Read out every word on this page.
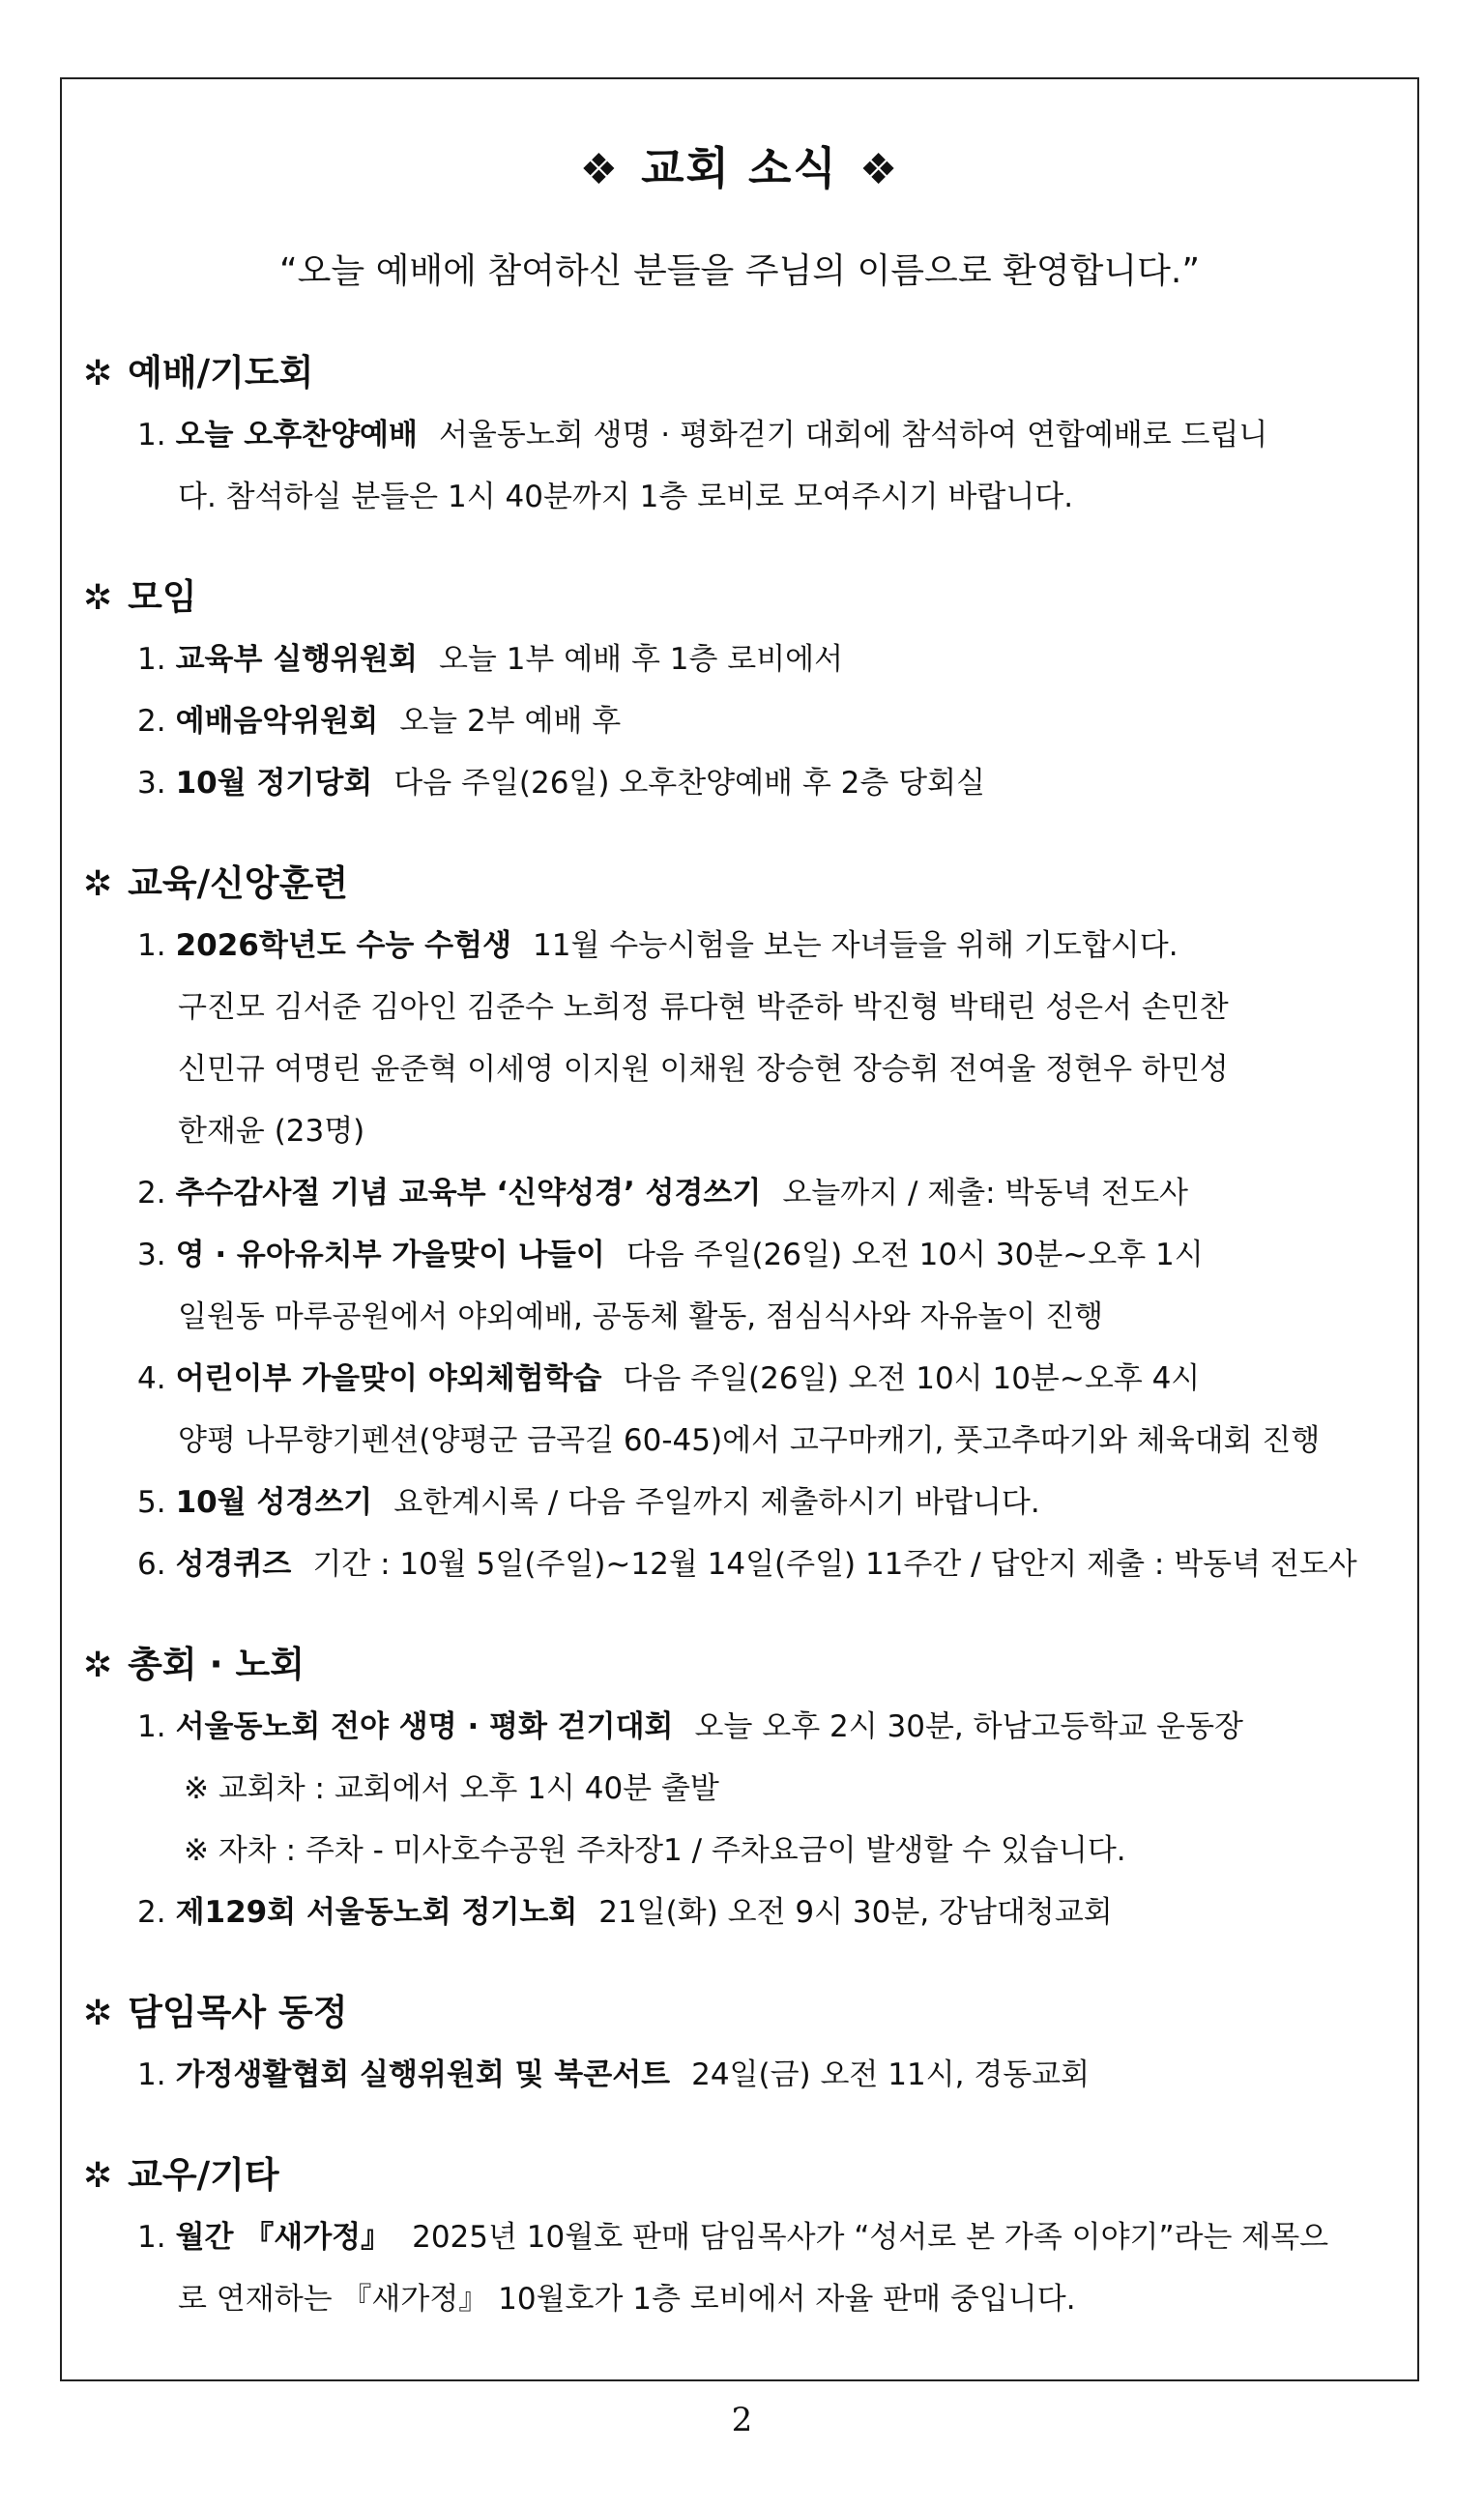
❖ 교회 소식 ❖
“오늘 예배에 참여하신 분들을 주님의 이름으로 환영합니다.”
✲ 예배/기도회
1. 오늘 오후찬양예배 서울동노회 생명 · 평화걷기 대회에 참석하여 연합예배로 드립니
다. 참석하실 분들은 1시 40분까지 1층 로비로 모여주시기 바랍니다.
✲ 모임
1. 교육부 실행위원회 오늘 1부 예배 후 1층 로비에서
2. 예배음악위원회 오늘 2부 예배 후
3. 10월 정기당회 다음 주일(26일) 오후찬양예배 후 2층 당회실
✲ 교육/신앙훈련
1. 2026학년도 수능 수험생 11월 수능시험을 보는 자녀들을 위해 기도합시다.
구진모 김서준 김아인 김준수 노희정 류다현 박준하 박진형 박태린 성은서 손민찬
신민규 여명린 윤준혁 이세영 이지원 이채원 장승현 장승휘 전여울 정현우 하민성
한재윤 (23명)
2. 추수감사절 기념 교육부 ‘신약성경’ 성경쓰기 오늘까지 / 제출: 박동녁 전도사
3. 영 · 유아유치부 가을맞이 나들이 다음 주일(26일) 오전 10시 30분~오후 1시
일원동 마루공원에서 야외예배, 공동체 활동, 점심식사와 자유놀이 진행
4. 어린이부 가을맞이 야외체험학습 다음 주일(26일) 오전 10시 10분~오후 4시
양평 나무향기펜션(양평군 금곡길 60-45)에서 고구마캐기, 풋고추따기와 체육대회 진행
5. 10월 성경쓰기 요한계시록 / 다음 주일까지 제출하시기 바랍니다.
6. 성경퀴즈 기간 : 10월 5일(주일)~12월 14일(주일) 11주간 / 답안지 제출 : 박동녁 전도사
✲ 총회 · 노회
1. 서울동노회 전야 생명 · 평화 걷기대회 오늘 오후 2시 30분, 하남고등학교 운동장
※ 교회차 : 교회에서 오후 1시 40분 출발
※ 자차 : 주차 - 미사호수공원 주차장1 / 주차요금이 발생할 수 있습니다.
2. 제129회 서울동노회 정기노회 21일(화) 오전 9시 30분, 강남대청교회
✲ 담임목사 동정
1. 가정생활협회 실행위원회 및 북콘서트 24일(금) 오전 11시, 경동교회
✲ 교우/기타
1. 월간 『새가정』 2025년 10월호 판매 담임목사가 “성서로 본 가족 이야기”라는 제목으
로 연재하는 『새가정』 10월호가 1층 로비에서 자율 판매 중입니다.
2
